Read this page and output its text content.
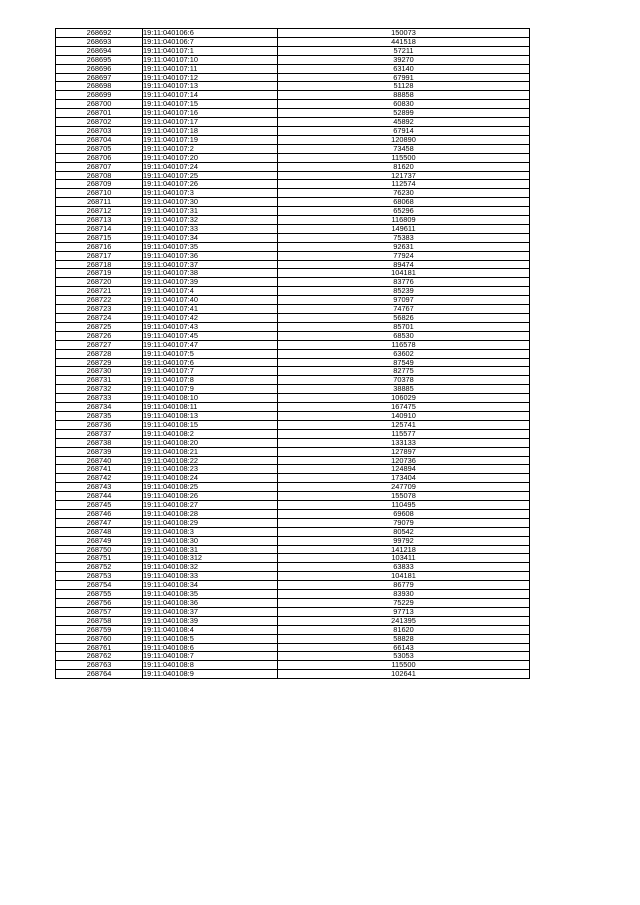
268692	19:11:040106:6	150073
268693	19:11:040106:7	441518
268694	19:11:040107:1	57211
268695	19:11:040107:10	39270
268696	19:11:040107:11	63140
268697	19:11:040107:12	67991
268698	19:11:040107:13	51128
268699	19:11:040107:14	88858
268700	19:11:040107:15	60830
268701	19:11:040107:16	52899
268702	19:11:040107:17	45892
268703	19:11:040107:18	67914
268704	19:11:040107:19	120890
268705	19:11:040107:2	73458
268706	19:11:040107:20	115500
268707	19:11:040107:24	81620
268708	19:11:040107:25	121737
268709	19:11:040107:26	112574
268710	19:11:040107:3	76230
268711	19:11:040107:30	68068
268712	19:11:040107:31	65296
268713	19:11:040107:32	116809
268714	19:11:040107:33	149611
268715	19:11:040107:34	75383
268716	19:11:040107:35	92631
268717	19:11:040107:36	77924
268718	19:11:040107:37	89474
268719	19:11:040107:38	104181
268720	19:11:040107:39	83776
268721	19:11:040107:4	85239
268722	19:11:040107:40	97097
268723	19:11:040107:41	74767
268724	19:11:040107:42	56826
268725	19:11:040107:43	85701
268726	19:11:040107:45	68530
268727	19:11:040107:47	116578
268728	19:11:040107:5	63602
268729	19:11:040107:6	87549
268730	19:11:040107:7	82775
268731	19:11:040107:8	70378
268732	19:11:040107:9	38885
268733	19:11:040108:10	106029
268734	19:11:040108:11	167475
268735	19:11:040108:13	140910
268736	19:11:040108:15	125741
268737	19:11:040108:2	115577
268738	19:11:040108:20	133133
268739	19:11:040108:21	127897
268740	19:11:040108:22	120736
268741	19:11:040108:23	124894
268742	19:11:040108:24	173404
268743	19:11:040108:25	247709
268744	19:11:040108:26	155078
268745	19:11:040108:27	110495
268746	19:11:040108:28	69608
268747	19:11:040108:29	79079
268748	19:11:040108:3	80542
268749	19:11:040108:30	99792
268750	19:11:040108:31	141218
268751	19:11:040108:312	103411
268752	19:11:040108:32	63833
268753	19:11:040108:33	104181
268754	19:11:040108:34	86779
268755	19:11:040108:35	83930
268756	19:11:040108:36	75229
268757	19:11:040108:37	97713
268758	19:11:040108:39	241395
268759	19:11:040108:4	81620
268760	19:11:040108:5	58828
268761	19:11:040108:6	66143
268762	19:11:040108:7	53053
268763	19:11:040108:8	115500
268764	19:11:040108:9	102641
